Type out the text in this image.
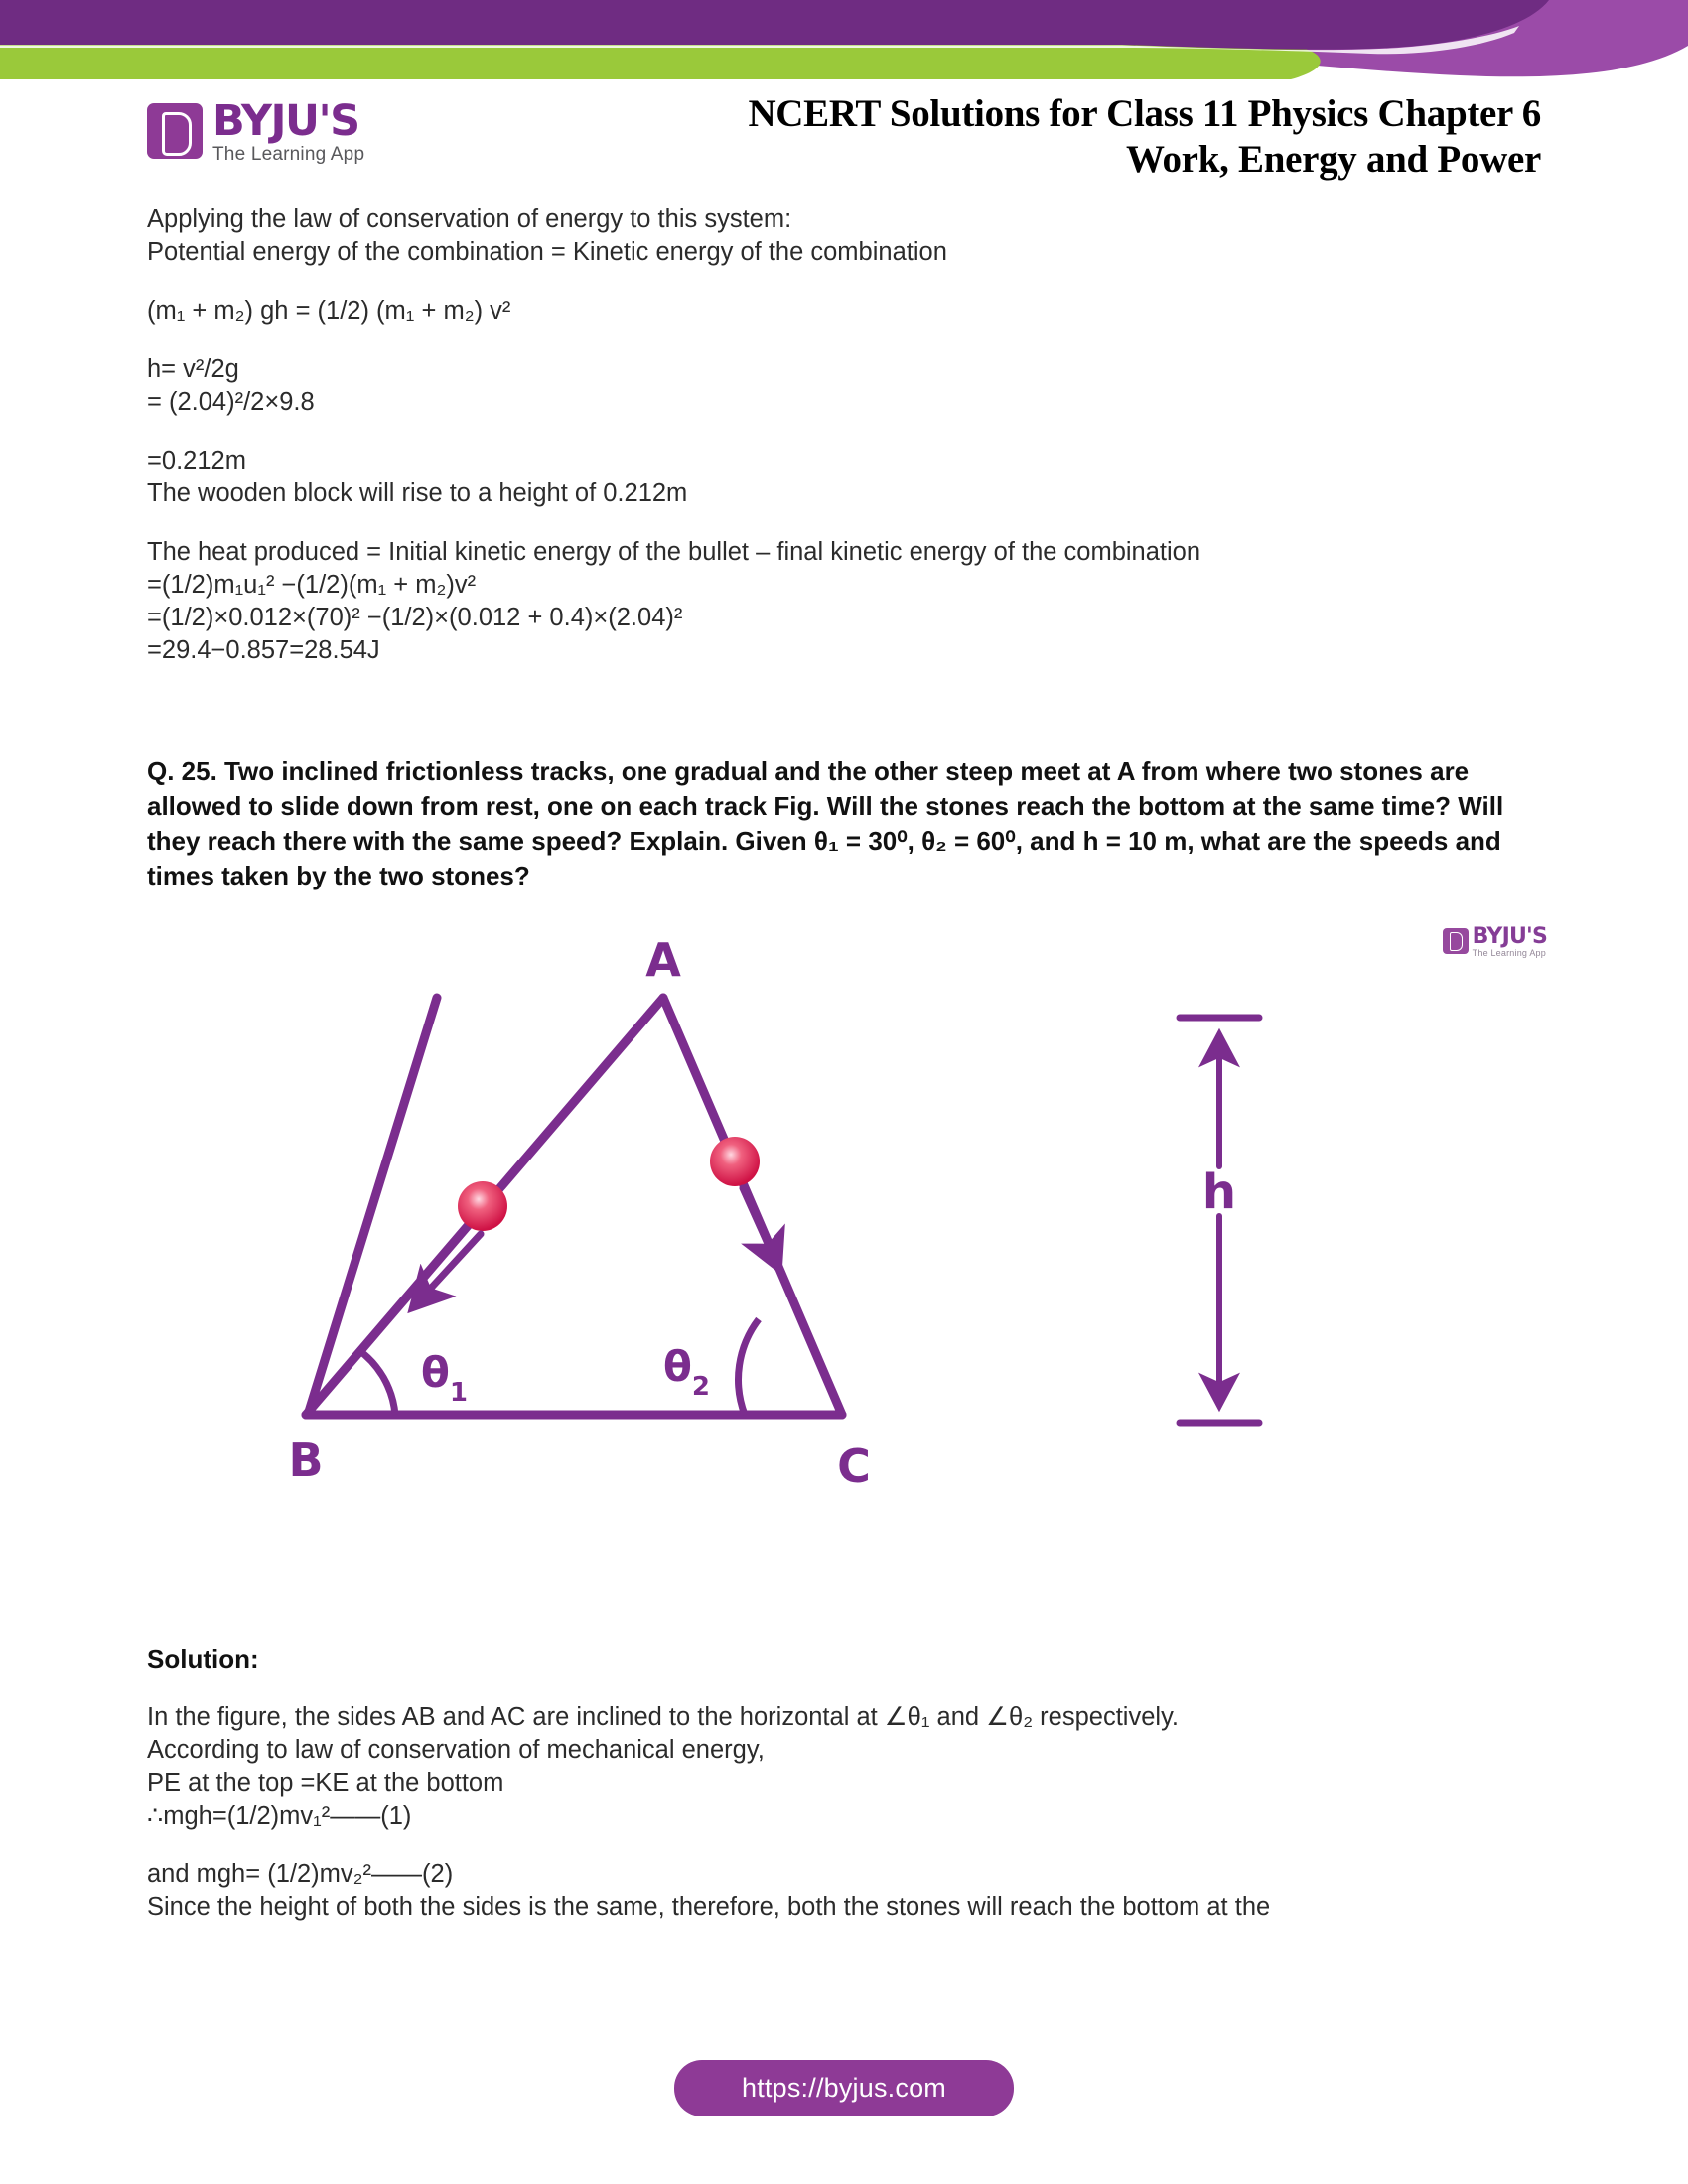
BYJU'S
The Learning App
NCERT Solutions for Class 11 Physics Chapter 6
Work, Energy and Power

Applying the law of conservation of energy to this system:
Potential energy of the combination = Kinetic energy of the combination

(m₁ + m₂) gh = (1/2) (m₁ + m₂) v²

h= v²/2g
= (2.04)²/2×9.8

=0.212m
The wooden block will rise to a height of 0.212m

The heat produced = Initial kinetic energy of the bullet – final kinetic energy of the combination
=(1/2)m₁u₁² −(1/2)(m₁ + m₂)v²
=(1/2)×0.012×(70)² −(1/2)×(0.012 + 0.4)×(2.04)²
=29.4−0.857=28.54J

Q. 25. Two inclined frictionless tracks, one gradual and the other steep meet at A from where two stones are allowed to slide down from rest, one on each track Fig. Will the stones reach the bottom at the same time? Will they reach there with the same speed? Explain. Given θ₁ = 30⁰, θ₂ = 60⁰, and h = 10 m, what are the speeds and times taken by the two stones?

BYJU'S
The Learning App
A
B	C
$\theta_1$
$\theta_2$
h

Solution:

In the figure, the sides AB and AC are inclined to the horizontal at ∠θ₁ and ∠θ₂ respectively.
According to law of conservation of mechanical energy,
PE at the top =KE at the bottom
∴mgh=(1/2)mv₁²——(1)

and mgh= (1/2)mv₂²——(2)
Since the height of both the sides is the same, therefore, both the stones will reach the bottom at the

https://byjus.com
